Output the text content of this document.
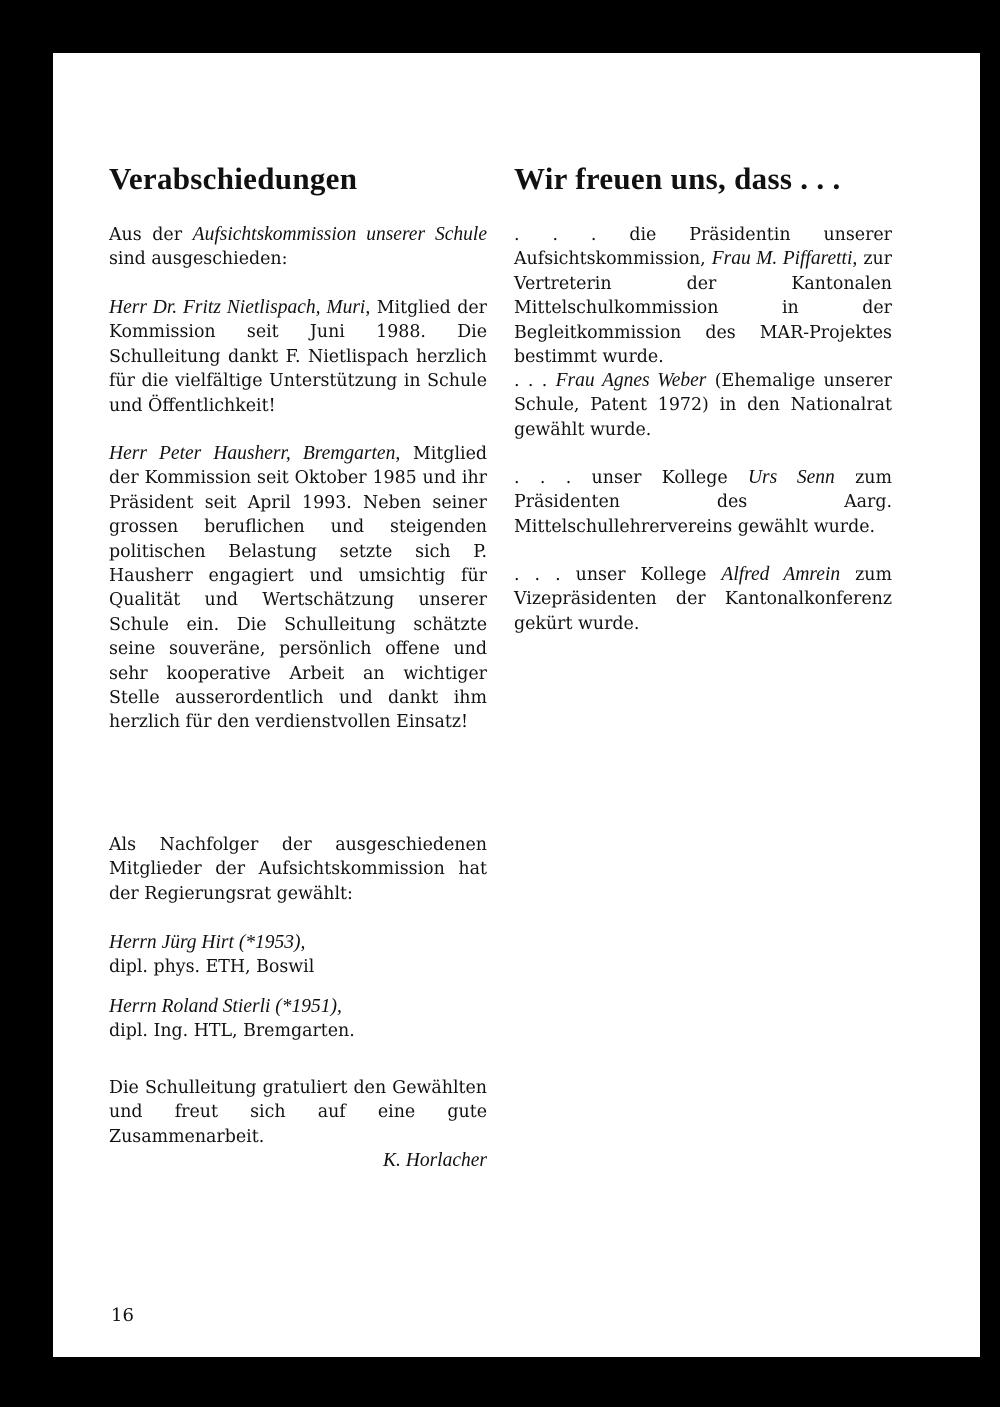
Verabschiedungen

Aus der Aufsichtskommission unserer Schule sind ausgeschieden:

Herr Dr. Fritz Nietlispach, Muri, Mitglied der Kommission seit Juni 1988. Die Schulleitung dankt F. Nietlispach herzlich für die vielfältige Unterstützung in Schule und Öffentlichkeit!

Herr Peter Hausherr, Bremgarten, Mitglied der Kommission seit Oktober 1985 und ihr Präsident seit April 1993. Neben seiner grossen beruflichen und steigenden politischen Belastung setzte sich P. Hausherr engagiert und umsichtig für Qualität und Wertschätzung unserer Schule ein. Die Schulleitung schätzte seine souveräne, persönlich offene und sehr kooperative Arbeit an wichtiger Stelle ausserordentlich und dankt ihm herzlich für den verdienstvollen Einsatz!

Als Nachfolger der ausgeschiedenen Mitglieder der Aufsichtskommission hat der Regierungsrat gewählt:

Herrn Jürg Hirt (*1953),
dipl. phys. ETH, Boswil

Herrn Roland Stierli (*1951),
dipl. Ing. HTL, Bremgarten.

Die Schulleitung gratuliert den Gewählten und freut sich auf eine gute Zusammenarbeit.

K. Horlacher
Wir freuen uns, dass . . .

. . . die Präsidentin unserer Aufsichtskommission, Frau M. Piffaretti, zur Vertreterin der Kantonalen Mittelschulkommission in der Begleitkommission des MAR-Projektes bestimmt wurde.

. . . Frau Agnes Weber (Ehemalige unserer Schule, Patent 1972) in den Nationalrat gewählt wurde.

. . . unser Kollege Urs Senn zum Präsidenten des Aarg. Mittelschullehrervereins gewählt wurde.

. . . unser Kollege Alfred Amrein zum Vizepräsidenten der Kantonalkonferenz gekürt wurde.

16
